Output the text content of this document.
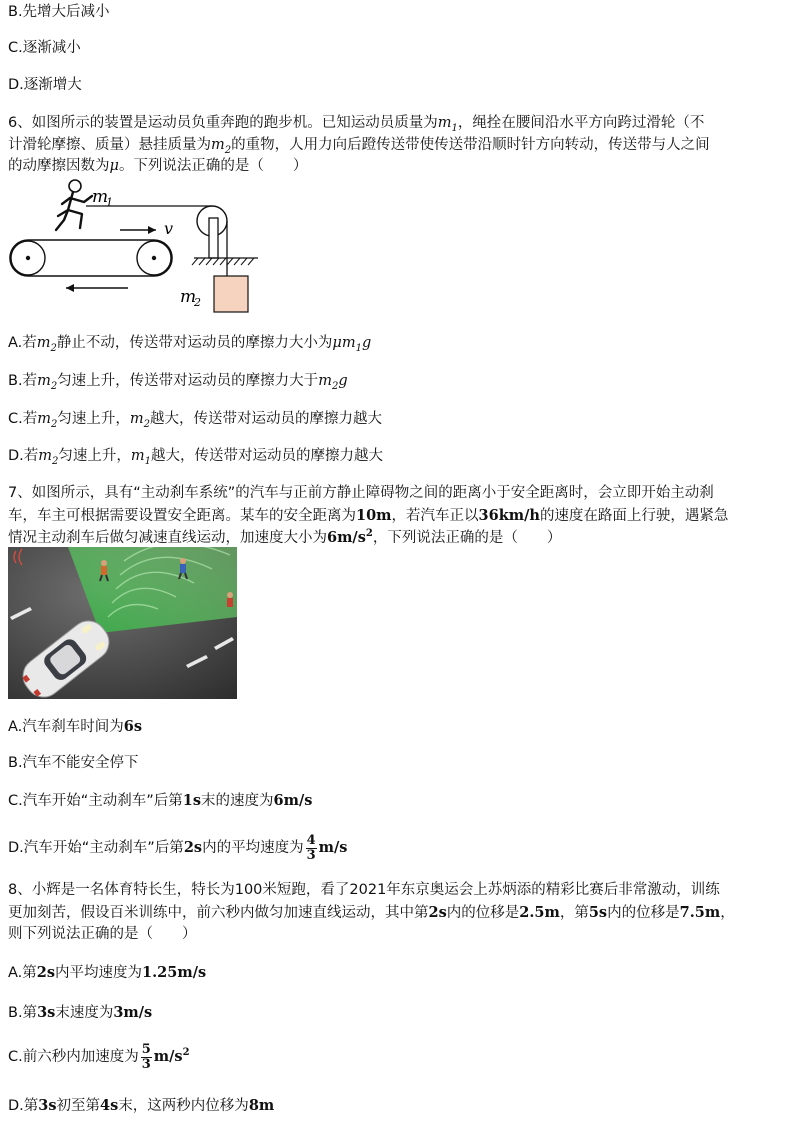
B.先增大后减小
C.逐渐减小
D.逐渐增大
6、如图所示的装置是运动员负重奔跑的跑步机。已知运动员质量为$m_1$，绳拴在腰间沿水平方向跨过滑轮（不
计滑轮摩擦、质量）悬挂质量为$m_2$的重物，人用力向后蹬传送带使传送带沿顺时针方向转动，传送带与人之间
的动摩擦因数为μ。下列说法正确的是（　　）
m
1
m
2
v
A.若$m_2$静止不动，传送带对运动员的摩擦力大小为$\mu m_1g$
B.若$m_2$匀速上升，传送带对运动员的摩擦力大于$m_2g$
C.若$m_2$匀速上升，$m_2$越大，传送带对运动员的摩擦力越大
D.若$m_2$匀速上升，$m_1$越大，传送带对运动员的摩擦力越大
7、如图所示，具有“主动刹车系统”的汽车与正前方静止障碍物之间的距离小于安全距离时，会立即开始主动刹
车，车主可根据需要设置安全距离。某车的安全距离为10m，若汽车正以36km/h的速度在路面上行驶，遇紧急
情况主动刹车后做匀减速直线运动，加速度大小为$6m/s^2$，下列说法正确的是（　　）
A.汽车刹车时间为6s
B.汽车不能安全停下
C.汽车开始“主动刹车”后第1s末的速度为6m/s
D.汽车开始“主动刹车”后第2s内的平均速度为 $\frac{4}{3} m/s$
8、小辉是一名体育特长生，特长为100米短跑，看了2021年东京奥运会上苏炳添的精彩比赛后非常激动，训练
更加刻苦，假设百米训练中，前六秒内做匀加速直线运动，其中第2s内的位移是2.5m，第5s内的位移是7.5m，
则下列说法正确的是（　　）
A.第2s内平均速度为1.25m/s
B.第3s末速度为3m/s
C.前六秒内加速度为 $\frac{5}{3} m/s^2$
D.第3s初至第4s末，这两秒内位移为8m
